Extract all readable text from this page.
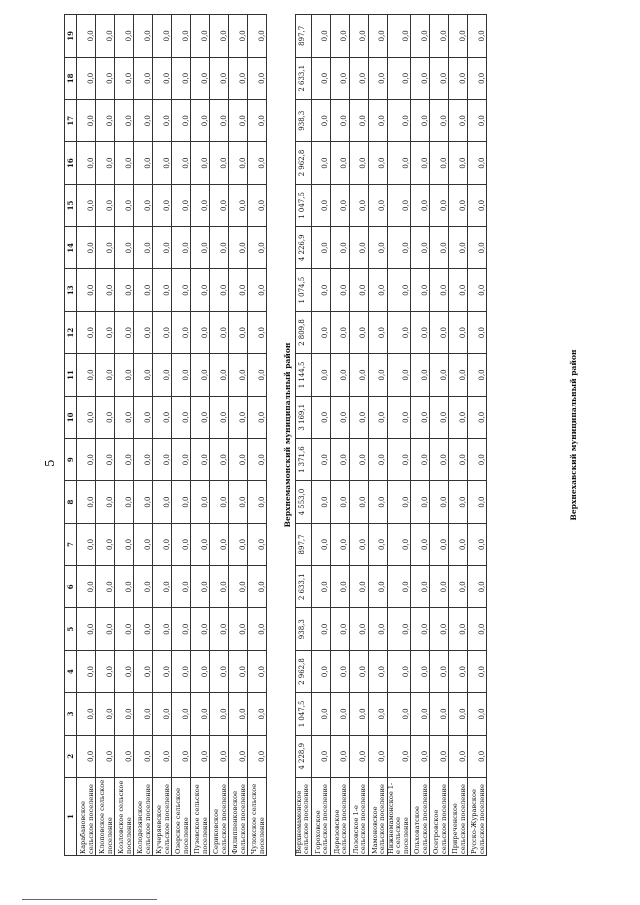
5
1	2	3	4	5	6	7	8	9	10	11	12	13	14	15	16	17	18	19
Карабановское сельское поселение	0,0	0,0	0,0	0,0	0,0	0,0	0,0	0,0	0,0	0,0	0,0	0,0	0,0	0,0	0,0	0,0	0,0	0,0
Клоповское сельское поселение	0,0	0,0	0,0	0,0	0,0	0,0	0,0	0,0	0,0	0,0	0,0	0,0	0,0	0,0	0,0	0,0	0,0	0,0
Козловское сельское поселение	0,0	0,0	0,0	0,0	0,0	0,0	0,0	0,0	0,0	0,0	0,0	0,0	0,0	0,0	0,0	0,0	0,0	0,0
Колодезянское сельское поселение	0,0	0,0	0,0	0,0	0,0	0,0	0,0	0,0	0,0	0,0	0,0	0,0	0,0	0,0	0,0	0,0	0,0	0,0
Кучеряевское сельское поселение	0,0	0,0	0,0	0,0	0,0	0,0	0,0	0,0	0,0	0,0	0,0	0,0	0,0	0,0	0,0	0,0	0,0	0,0
Озерское сельское поселение	0,0	0,0	0,0	0,0	0,0	0,0	0,0	0,0	0,0	0,0	0,0	0,0	0,0	0,0	0,0	0,0	0,0	0,0
Пузевское сельское поселение	0,0	0,0	0,0	0,0	0,0	0,0	0,0	0,0	0,0	0,0	0,0	0,0	0,0	0,0	0,0	0,0	0,0	0,0
Сериковское сельское поселение	0,0	0,0	0,0	0,0	0,0	0,0	0,0	0,0	0,0	0,0	0,0	0,0	0,0	0,0	0,0	0,0	0,0	0,0
Филиппенковское сельское поселение	0,0	0,0	0,0	0,0	0,0	0,0	0,0	0,0	0,0	0,0	0,0	0,0	0,0	0,0	0,0	0,0	0,0	0,0
Чулокское сельское поселение	0,0	0,0	0,0	0,0	0,0	0,0	0,0	0,0	0,0	0,0	0,0	0,0	0,0	0,0	0,0	0,0	0,0	0,0

Верхнемамонский муниципальный район																		
Верхнемамонское сельское поселение	4 228,9	1 047,5	2 962,8	938,3	2 633,1	897,7	4 553,0	1 371,6	3 169,1	1 144,5	2 809,8	1 074,5	4 226,9	1 047,5	2 962,8	938,3	2 633,1	897,7
Гороховское сельское поселение	0,0	0,0	0,0	0,0	0,0	0,0	0,0	0,0	0,0	0,0	0,0	0,0	0,0	0,0	0,0	0,0	0,0	0,0
Дерезовское сельское поселение	0,0	0,0	0,0	0,0	0,0	0,0	0,0	0,0	0,0	0,0	0,0	0,0	0,0	0,0	0,0	0,0	0,0	0,0
Лозовское 1-е сельское поселение	0,0	0,0	0,0	0,0	0,0	0,0	0,0	0,0	0,0	0,0	0,0	0,0	0,0	0,0	0,0	0,0	0,0	0,0
Мамоновское сельское поселение	0,0	0,0	0,0	0,0	0,0	0,0	0,0	0,0	0,0	0,0	0,0	0,0	0,0	0,0	0,0	0,0	0,0	0,0
Нижнемамонское 1-е сельское поселение	0,0	0,0	0,0	0,0	0,0	0,0	0,0	0,0	0,0	0,0	0,0	0,0	0,0	0,0	0,0	0,0	0,0	0,0
Ольховатское сельское поселение	0,0	0,0	0,0	0,0	0,0	0,0	0,0	0,0	0,0	0,0	0,0	0,0	0,0	0,0	0,0	0,0	0,0	0,0
Осетровское сельское поселение	0,0	0,0	0,0	0,0	0,0	0,0	0,0	0,0	0,0	0,0	0,0	0,0	0,0	0,0	0,0	0,0	0,0	0,0
Приреченское сельское поселение	0,0	0,0	0,0	0,0	0,0	0,0	0,0	0,0	0,0	0,0	0,0	0,0	0,0	0,0	0,0	0,0	0,0	0,0
Русско-Журавское сельское поселение	0,0	0,0	0,0	0,0	0,0	0,0	0,0	0,0	0,0	0,0	0,0	0,0	0,0	0,0	0,0	0,0	0,0	0,0
Верхнехавский муниципальный район
